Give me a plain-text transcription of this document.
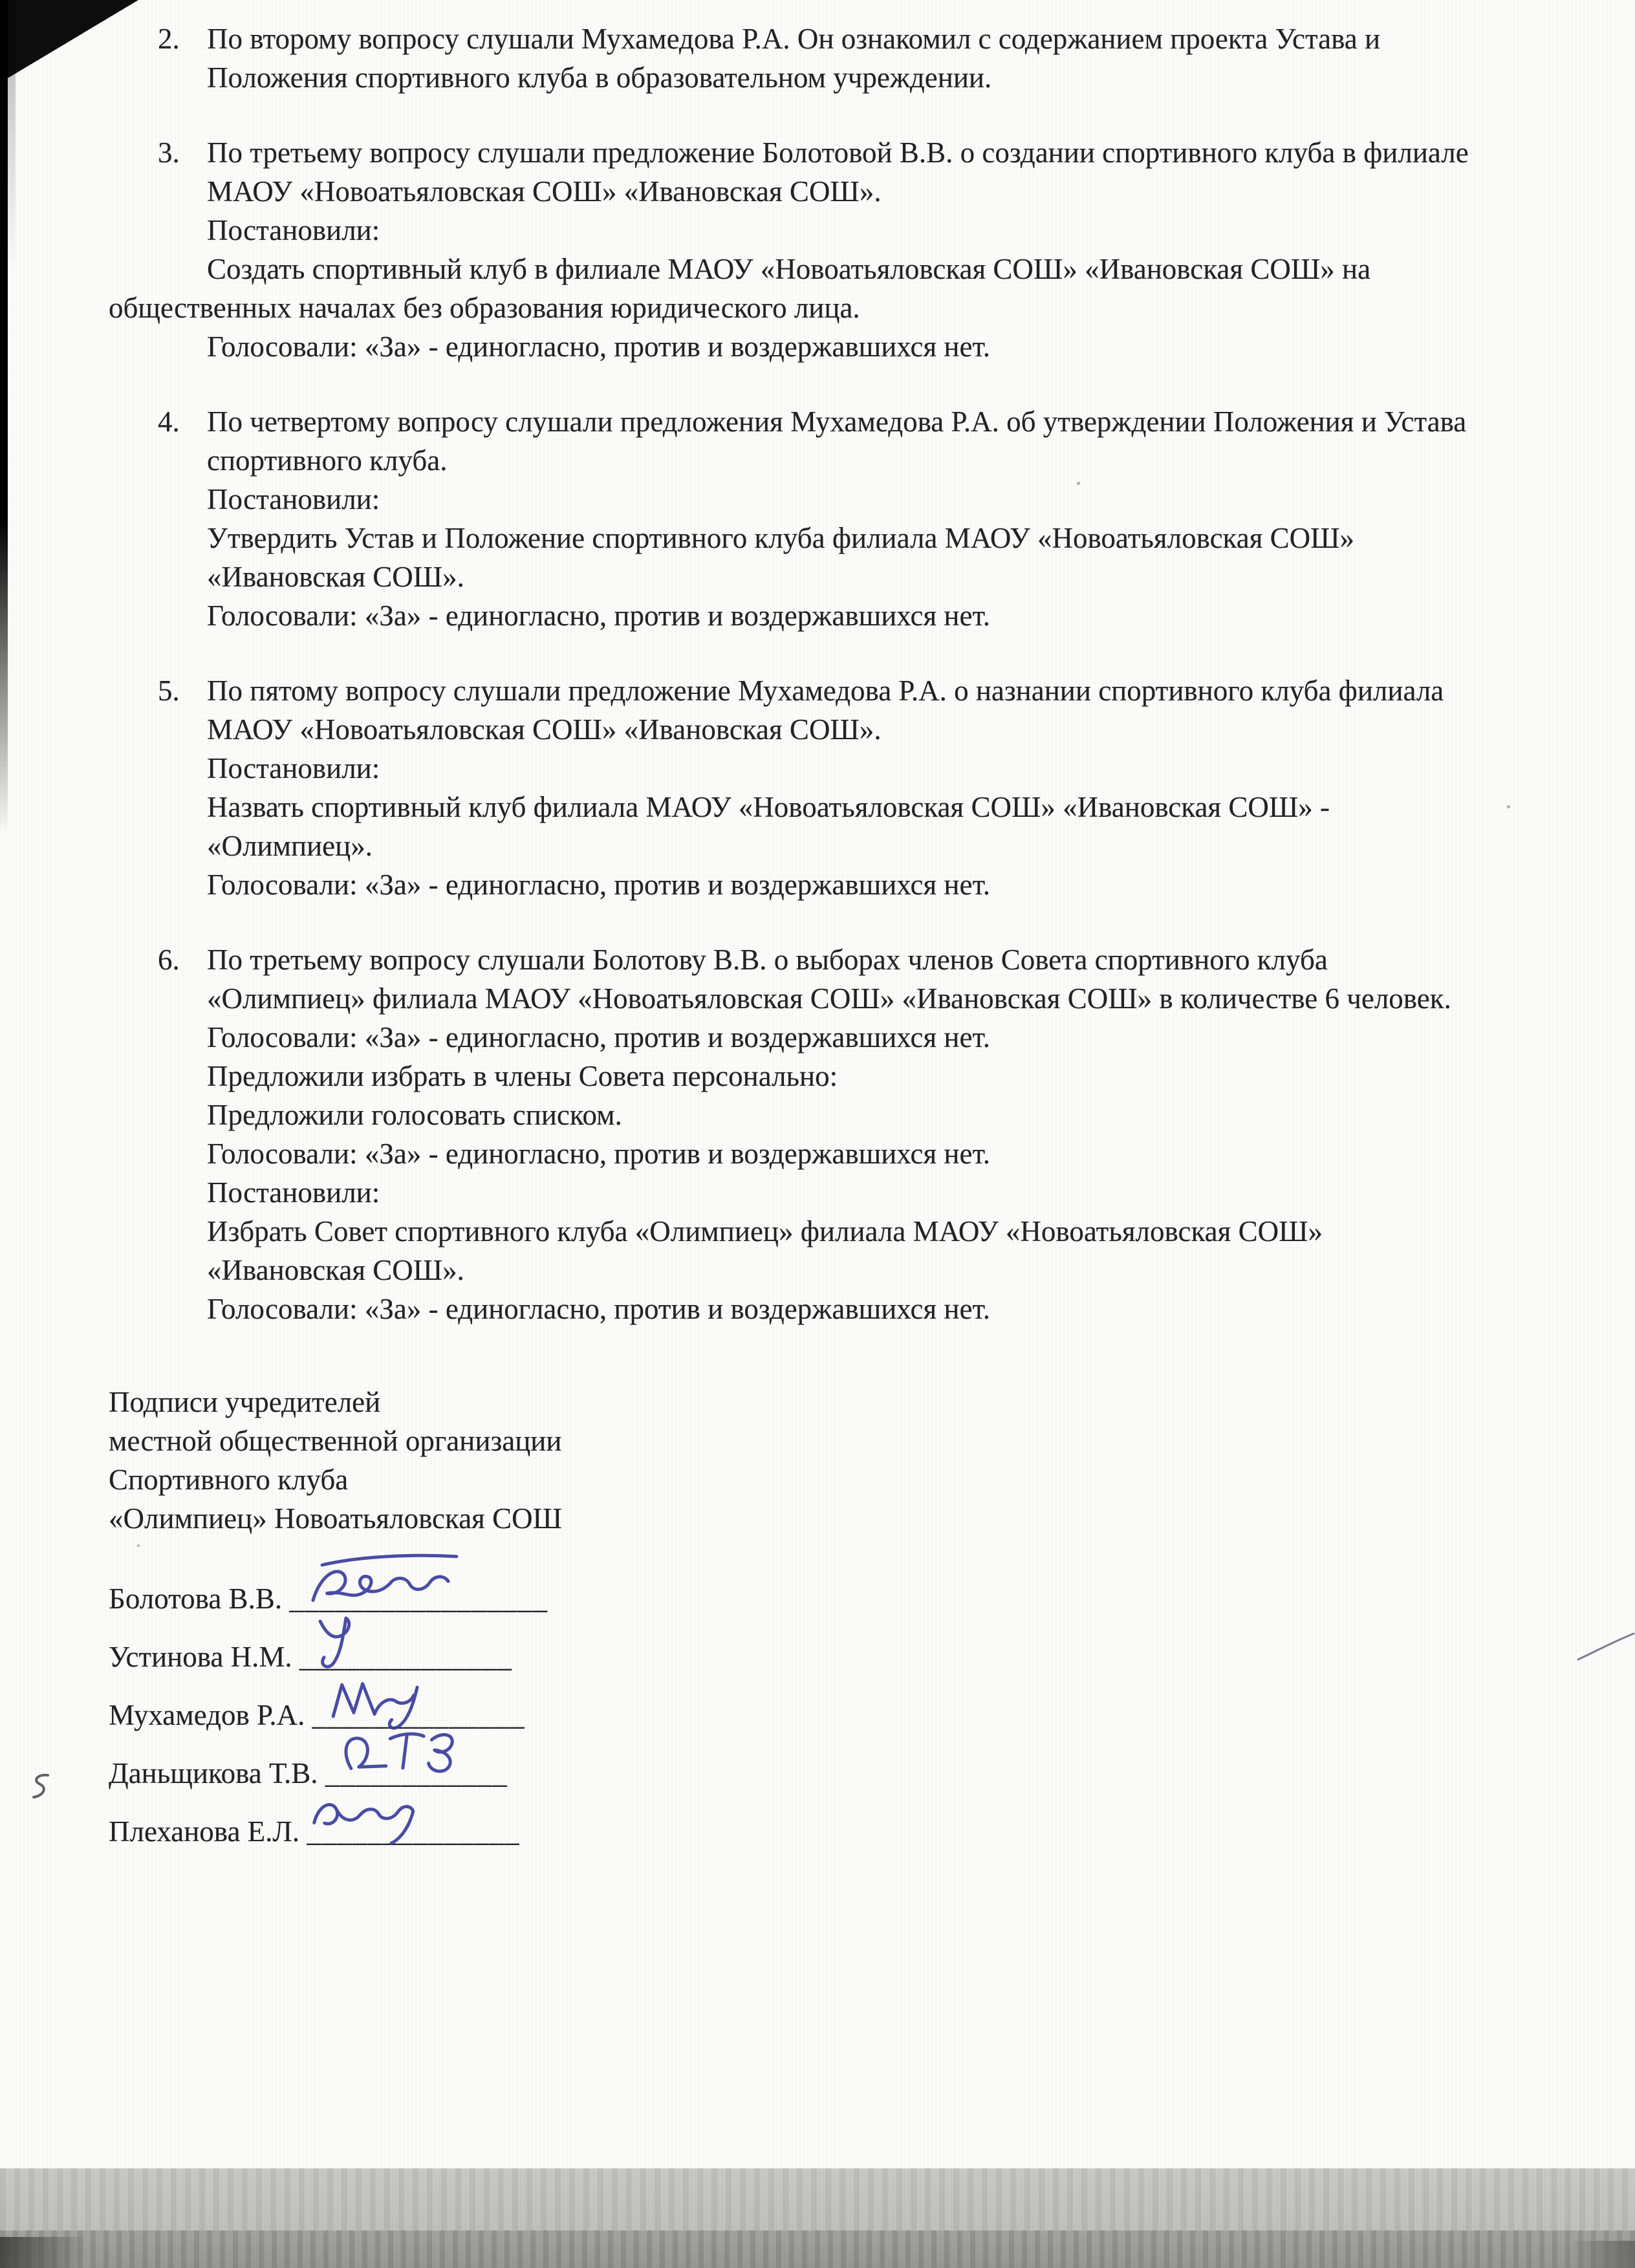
2. По второму вопросу слушали Мухамедова Р.А. Он ознакомил с содержанием проекта Устава и Положения спортивного клуба в образовательном учреждении.

3. По третьему вопросу слушали предложение Болотовой В.В. о создании спортивного клуба в филиале МАОУ «Новоатьяловская СОШ» «Ивановская СОШ».

Постановили:

Создать спортивный клуб в филиале МАОУ «Новоатьяловская СОШ» «Ивановская СОШ» на общественных началах без образования юридического лица.

Голосовали: «За» - единогласно, против и воздержавшихся нет.

4. По четвертому вопросу слушали предложения Мухамедова Р.А. об утверждении Положения и Устава спортивного клуба.

Постановили:

Утвердить Устав и Положение спортивного клуба филиала МАОУ «Новоатьяловская СОШ» «Ивановская СОШ».

Голосовали: «За» - единогласно, против и воздержавшихся нет.

5. По пятому вопросу слушали предложение Мухамедова Р.А. о назнании спортивного клуба филиала МАОУ «Новоатьяловская СОШ» «Ивановская СОШ».

Постановили:

Назвать спортивный клуб филиала МАОУ «Новоатьяловская СОШ» «Ивановская СОШ» - «Олимпиец».

Голосовали: «За» - единогласно, против и воздержавшихся нет.

6. По третьему вопросу слушали Болотову В.В. о выборах членов Совета спортивного клуба «Олимпиец» филиала МАОУ «Новоатьяловская СОШ» «Ивановская СОШ» в количестве 6 человек.

Голосовали: «За» - единогласно, против и воздержавшихся нет.

Предложили избрать в члены Совета персонально:

Предложили голосовать списком.

Голосовали: «За» - единогласно, против и воздержавшихся нет.

Постановили:

Избрать Совет спортивного клуба «Олимпиец» филиала МАОУ «Новоатьяловская СОШ» «Ивановская СОШ».

Голосовали: «За» - единогласно, против и воздержавшихся нет.

Подписи учредителей

местной общественной организации

Спортивного клуба

«Олимпиец» Новоатьяловская СОШ

Болотова В.В. _________________
Устинова Н.М. ______________
Мухамедов Р.А. ______________
Даньщикова Т.В. ____________
Плеханова Е.Л. ______________
